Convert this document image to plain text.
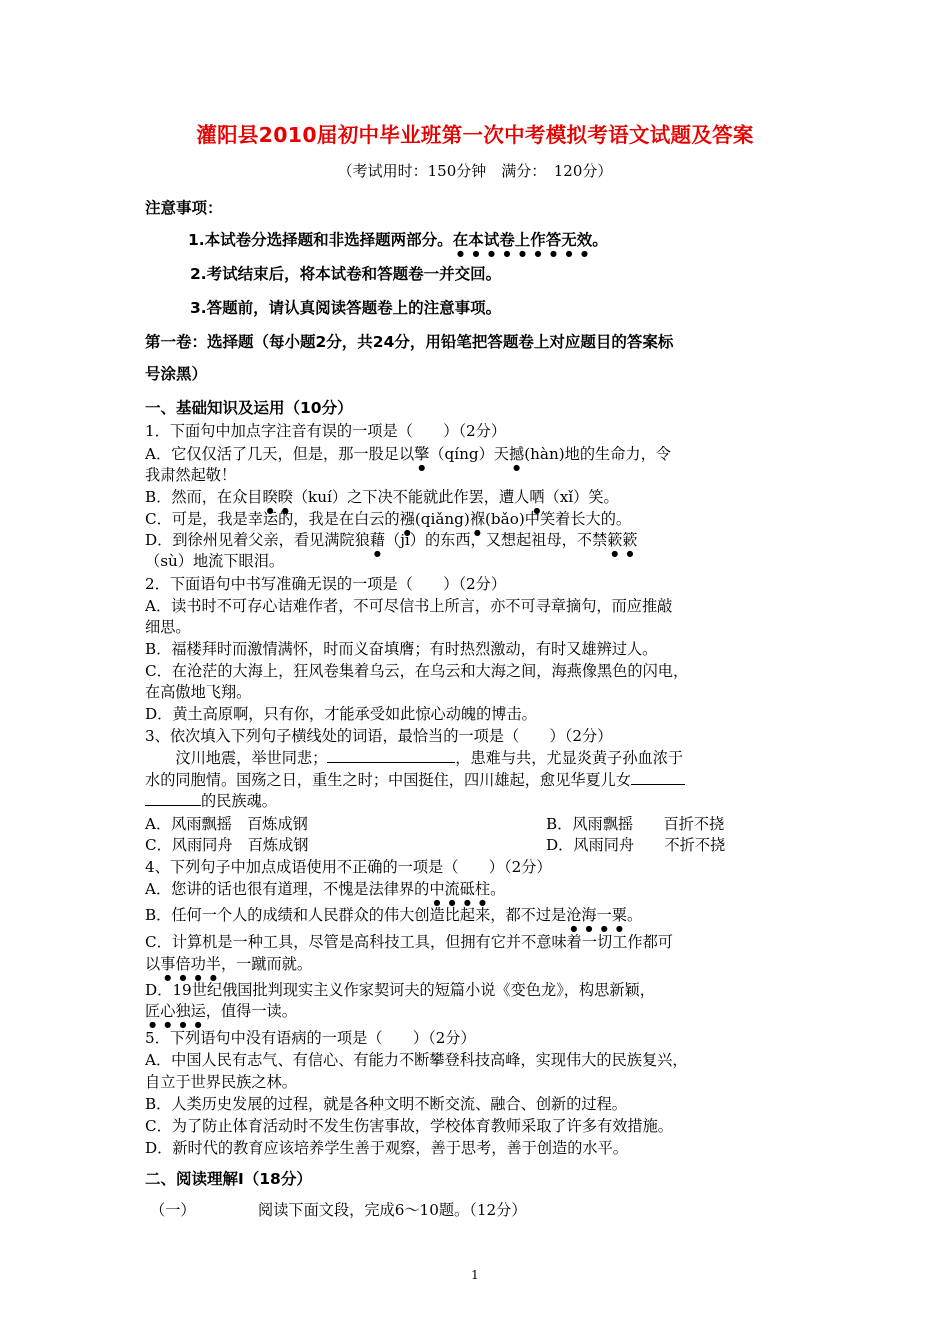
灌阳县2010届初中毕业班第一次中考模拟考语文试题及答案
（考试用时：150分钟　满分：　120分）
注意事项：
1.本试卷分选择题和非选择题两部分。在本试卷上作答无效。
2.考试结束后，将本试卷和答题卷一并交回。
3.答题前，请认真阅读答题卷上的注意事项。
第一卷：选择题（每小题2分，共24分，用铅笔把答题卷上对应题目的答案标
号涂黑）
一、基础知识及运用（10分）
1．下面句中加点字注音有误的一项是（　　）（2分）
A．它仅仅活了几天，但是，那一股足以擎（qíng）天撼(hàn)地的生命力，令
我肃然起敬！
B．然而，在众目睽睽（kuí）之下决不能就此作罢，遭人哂（xǐ）笑。
C．可是，我是幸运的，我是在白云的襁(qiǎng)褓(bǎo)中笑着长大的。
D．到徐州见着父亲，看见满院狼藉（jí）的东西，又想起祖母，不禁簌簌
（sù）地流下眼泪。
2．下面语句中书写准确无误的一项是（　　）（2分）
A．读书时不可存心诘难作者，不可尽信书上所言，亦不可寻章摘句，而应推敲
细思。
B．福楼拜时而激情满怀，时而义奋填膺；有时热烈激动，有时又雄辨过人。
C．在沧茫的大海上，狂风卷集着乌云，在乌云和大海之间，海燕像黑色的闪电，
在高傲地飞翔。
D．黄土高原啊，只有你，才能承受如此惊心动魄的博击。
3、依次填入下列句子横线处的词语，最恰当的一项是（　　）（2分）
　　汶川地震，举世同悲；	，患难与共，尤显炎黄子孙血浓于
水的同胞情。国殇之日，重生之时；中国挺住，四川雄起，愈见华夏儿女
的民族魂。
A．风雨飘摇　百炼成钢	B．风雨飘摇　　百折不挠
C．风雨同舟　百炼成钢	D．风雨同舟　　不折不挠
4、下列句子中加点成语使用不正确的一项是（　　）（2分）
A．您讲的话也很有道理，不愧是法律界的中流砥柱。
B．任何一个人的成绩和人民群众的伟大创造比起来，都不过是沧海一粟。
C．计算机是一种工具，尽管是高科技工具，但拥有它并不意味着一切工作都可
以事倍功半，一蹴而就。
D．19世纪俄国批判现实主义作家契诃夫的短篇小说《变色龙》，构思新颖，
匠心独运，值得一读。
5．下列语句中没有语病的一项是（　　）（2分）
A．中国人民有志气、有信心、有能力不断攀登科技高峰，实现伟大的民族复兴，
自立于世界民族之林。
B．人类历史发展的过程，就是各种文明不断交流、融合、创新的过程。
C．为了防止体育活动时不发生伤害事故，学校体育教师采取了许多有效措施。
D．新时代的教育应该培养学生善于观察，善于思考，善于创造的水平。
二、阅读理解Ⅰ（18分）
（一）	阅读下面文段，完成6～10题。（12分）
1
